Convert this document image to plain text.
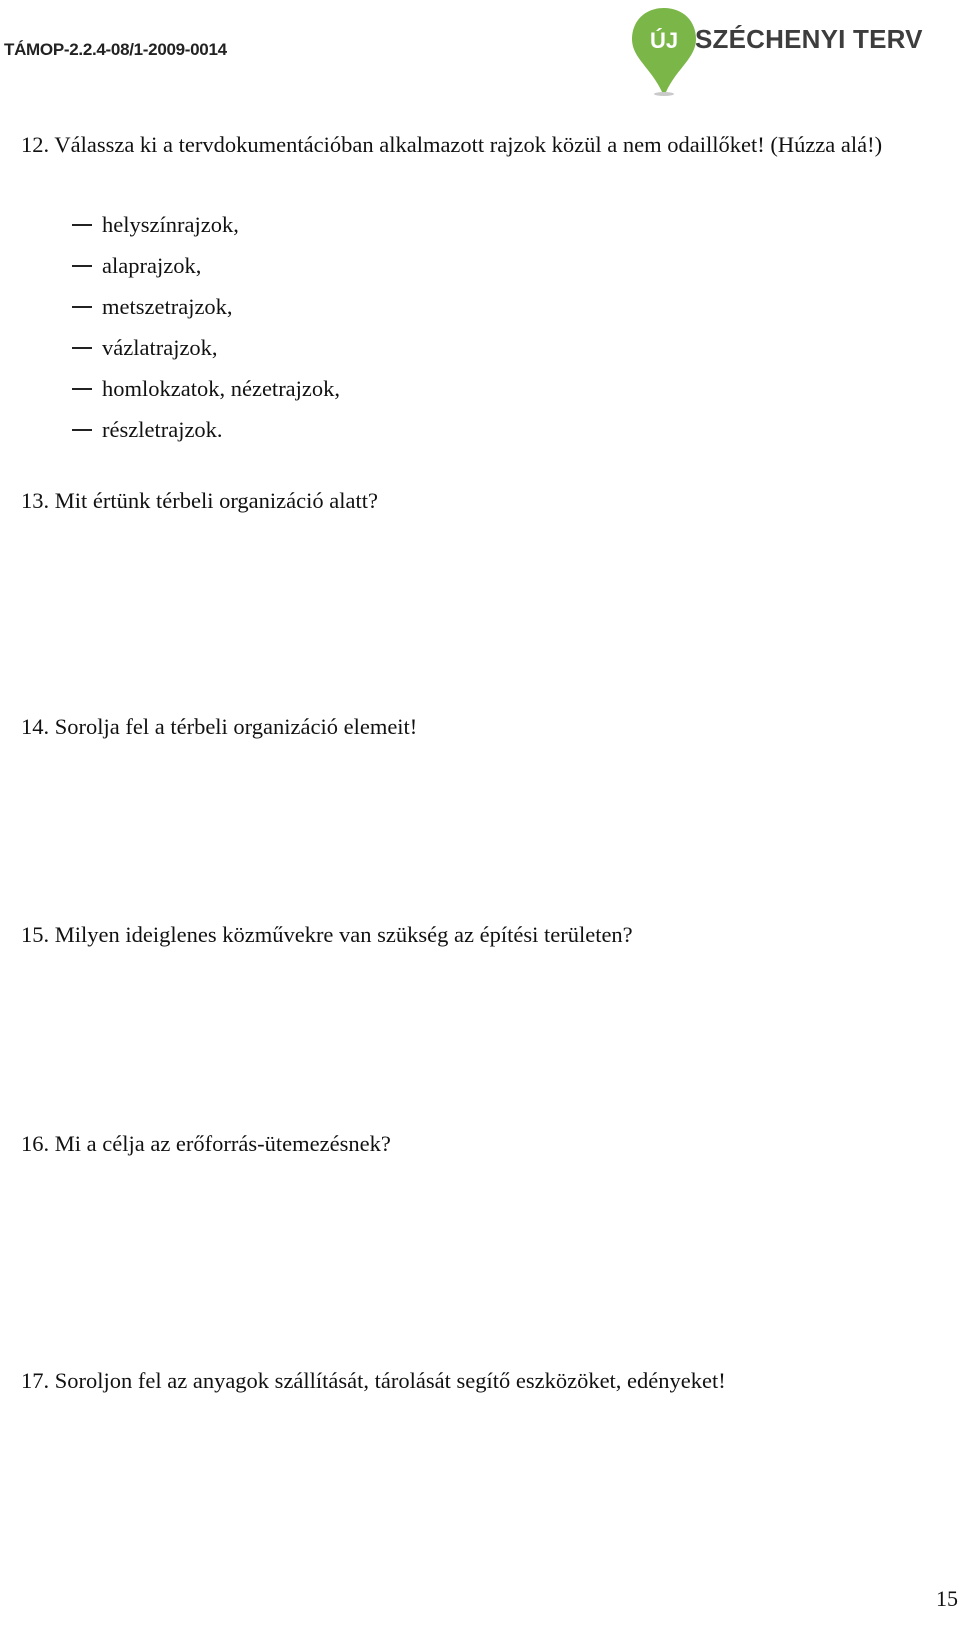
TÁMOP-2.2.4-08/1-2009-0014	ÚJ SZÉCHENYI TERV
12. Válassza ki a tervdokumentációban alkalmazott rajzok közül a nem odaillőket! (Húzza alá!)
helyszínrajzok,
alaprajzok,
metszetrajzok,
vázlatrajzok,
homlokzatok, nézetrajzok,
részletrajzok.
13. Mit értünk térbeli organizáció alatt?
14. Sorolja fel a térbeli organizáció elemeit!
15. Milyen ideiglenes közművekre van szükség az építési területen?
16. Mi a célja az erőforrás-ütemezésnek?
17. Soroljon fel az anyagok szállítását, tárolását segítő eszközöket, edényeket!
15
